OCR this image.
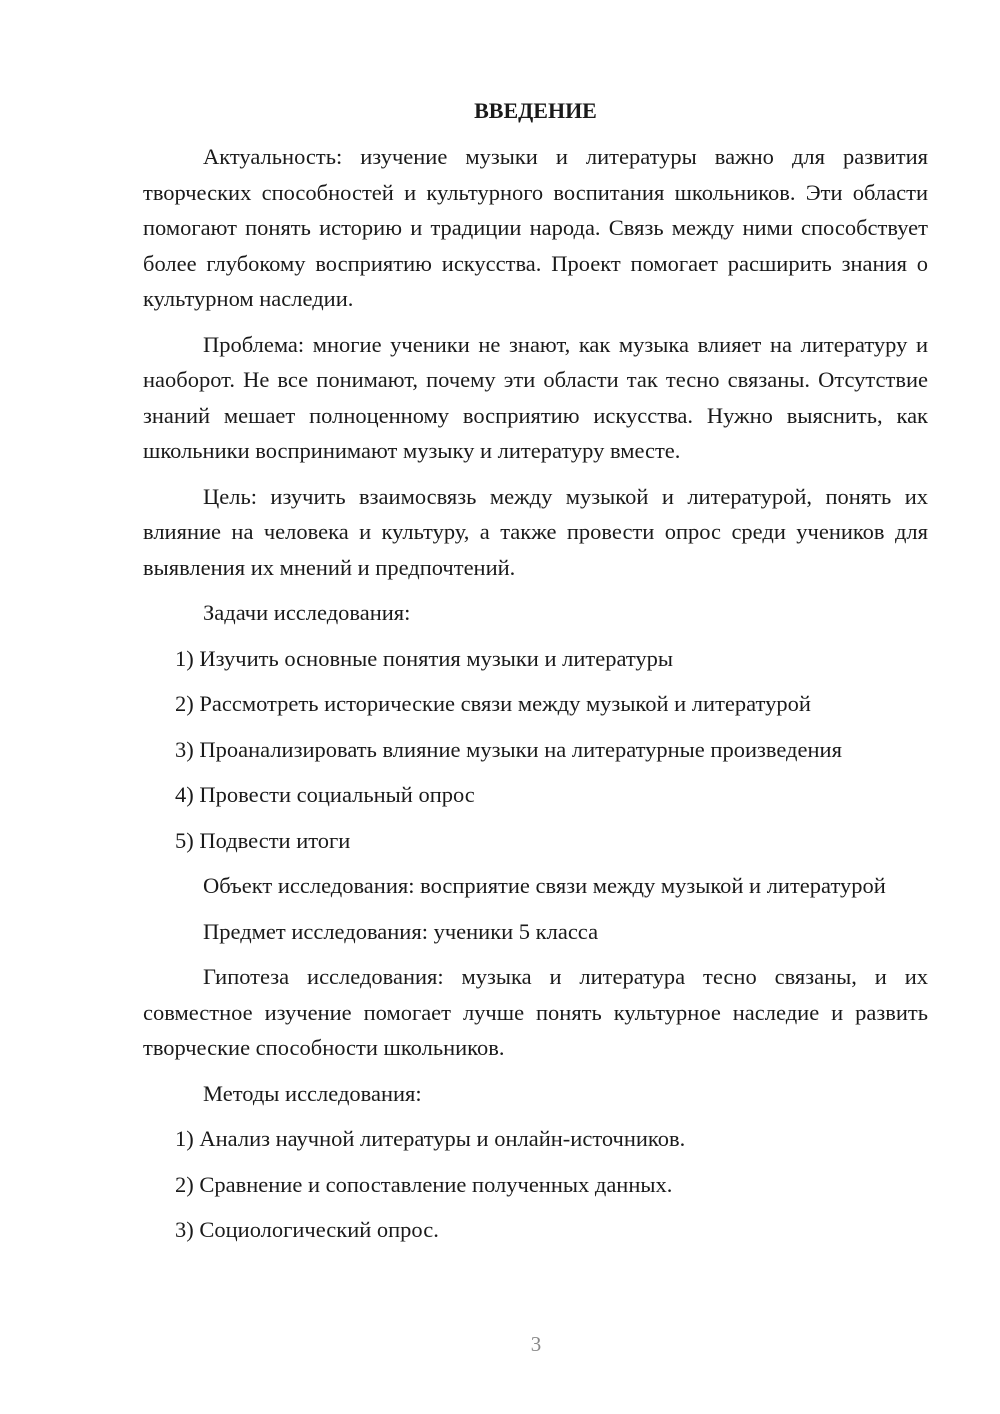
ВВЕДЕНИЕ

Актуальность: изучение музыки и литературы важно для развития творческих способностей и культурного воспитания школьников. Эти области помогают понять историю и традиции народа. Связь между ними способствует более глубокому восприятию искусства. Проект помогает расширить знания о культурном наследии.

Проблема: многие ученики не знают, как музыка влияет на литературу и наоборот. Не все понимают, почему эти области так тесно связаны. Отсутствие знаний мешает полноценному восприятию искусства. Нужно выяснить, как школьники воспринимают музыку и литературу вместе.

Цель: изучить взаимосвязь между музыкой и литературой, понять их влияние на человека и культуру, а также провести опрос среди учеников для выявления их мнений и предпочтений.

Задачи исследования:

1) Изучить основные понятия музыки и литературы

2) Рассмотреть исторические связи между музыкой и литературой

3) Проанализировать влияние музыки на литературные произведения

4) Провести социальный опрос

5) Подвести итоги

Объект исследования: восприятие связи между музыкой и литературой

Предмет исследования: ученики 5 класса

Гипотеза исследования: музыка и литература тесно связаны, и их совместное изучение помогает лучше понять культурное наследие и развить творческие способности школьников.

Методы исследования:

1) Анализ научной литературы и онлайн-источников.

2) Сравнение и сопоставление полученных данных.

3) Социологический опрос.

3
